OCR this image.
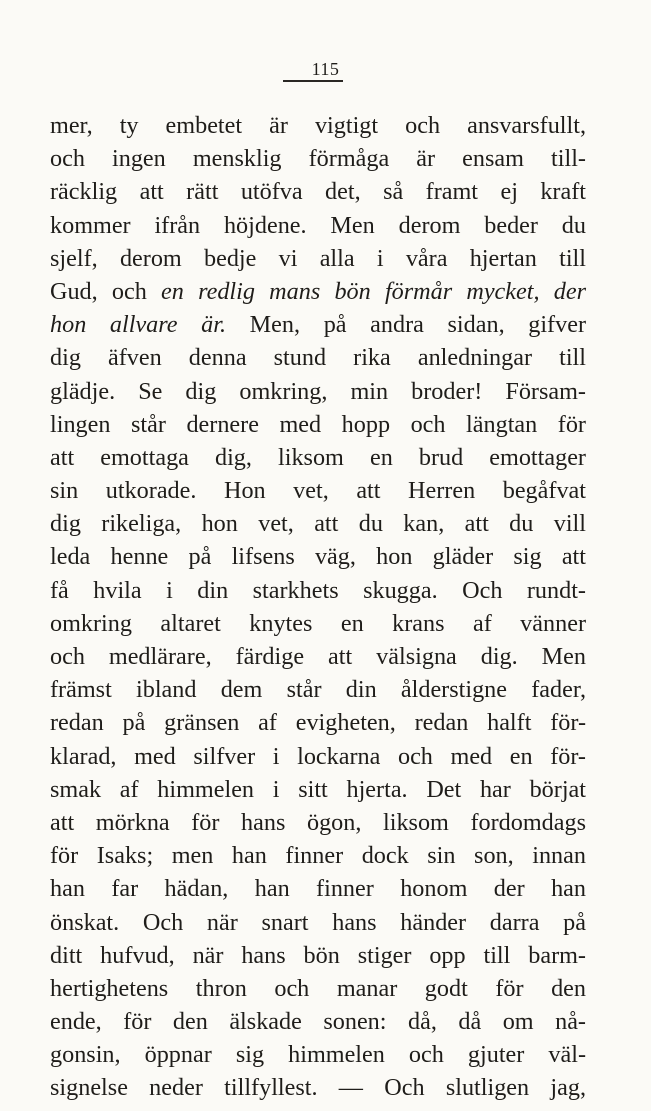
115
mer, ty embetet är vigtigt och ansvarsfullt,
och ingen mensklig förmåga är ensam till-
räcklig att rätt utöfva det, så framt ej kraft
kommer ifrån höjdene. Men derom beder du
sjelf, derom bedje vi alla i våra hjertan till
Gud, och en redlig mans bön förmår mycket, der
hon allvare är. Men, på andra sidan, gifver
dig äfven denna stund rika anledningar till
glädje. Se dig omkring, min broder! Försam-
lingen står dernere med hopp och längtan för
att emottaga dig, liksom en brud emottager
sin utkorade. Hon vet, att Herren begåfvat
dig rikeliga, hon vet, att du kan, att du vill
leda henne på lifsens väg, hon gläder sig att
få hvila i din starkhets skugga. Och rundt-
omkring altaret knytes en krans af vänner
och medlärare, färdige att välsigna dig. Men
främst ibland dem står din ålderstigne fader,
redan på gränsen af evigheten, redan halft för-
klarad, med silfver i lockarna och med en för-
smak af himmelen i sitt hjerta. Det har börjat
att mörkna för hans ögon, liksom fordomdags
för Isaks; men han finner dock sin son, innan
han far hädan, han finner honom der han
önskat. Och när snart hans händer darra på
ditt hufvud, när hans bön stiger opp till barm-
hertighetens thron och manar godt för den
ende, för den älskade sonen: då, då om nå-
gonsin, öppnar sig himmelen och gjuter väl-
signelse neder tillfyllest. — Och slutligen jag,
